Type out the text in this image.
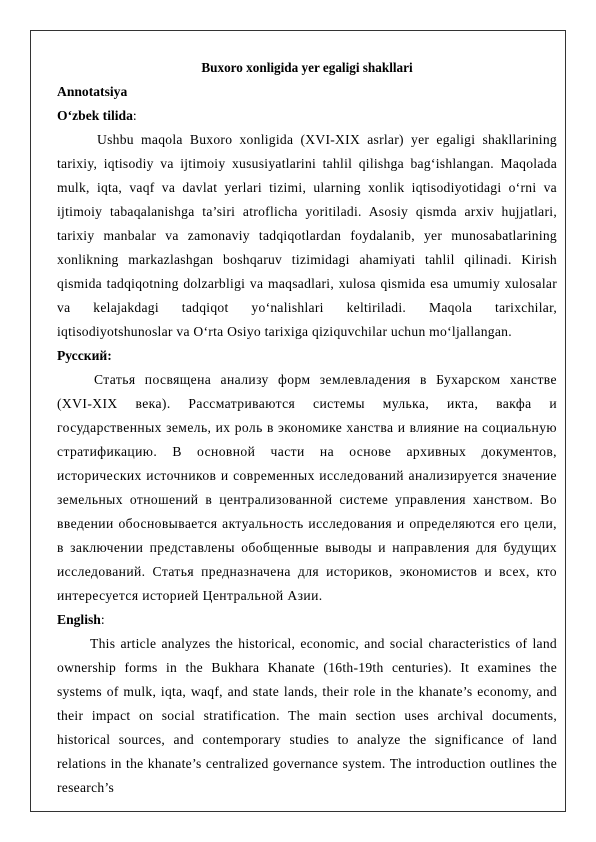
Buxoro xonligida yer egaligi shakllari

Annotatsiya

O‘zbek tilida:

Ushbu maqola Buxoro xonligida (XVI-XIX asrlar) yer egaligi shakllarining tarixiy, iqtisodiy va ijtimoiy xususiyatlarini tahlil qilishga bag‘ishlangan. Maqolada mulk, iqta, vaqf va davlat yerlari tizimi, ularning xonlik iqtisodiyotidagi o‘rni va ijtimoiy tabaqalanishga ta’siri atroflicha yoritiladi. Asosiy qismda arxiv hujjatlari, tarixiy manbalar va zamonaviy tadqiqotlardan foydalanib, yer munosabatlarining xonlikning markazlashgan boshqaruv tizimidagi ahamiyati tahlil qilinadi. Kirish qismida tadqiqotning dolzarbligi va maqsadlari, xulosa qismida esa umumiy xulosalar va kelajakdagi tadqiqot yo‘nalishlari keltiriladi. Maqola tarixchilar, iqtisodiyotshunoslar va O‘rta Osiyo tarixiga qiziquvchilar uchun mo‘ljallangan.

Русский:

Статья посвящена анализу форм землевладения в Бухарском ханстве (XVI-XIX века). Рассматриваются системы мулька, икта, вакфа и государственных земель, их роль в экономике ханства и влияние на социальную стратификацию. В основной части на основе архивных документов, исторических источников и современных исследований анализируется значение земельных отношений в централизованной системе управления ханством. Во введении обосновывается актуальность исследования и определяются его цели, в заключении представлены обобщенные выводы и направления для будущих исследований. Статья предназначена для историков, экономистов и всех, кто интересуется историей Центральной Азии.

English:

This article analyzes the historical, economic, and social characteristics of land ownership forms in the Bukhara Khanate (16th-19th centuries). It examines the systems of mulk, iqta, waqf, and state lands, their role in the khanate’s economy, and their impact on social stratification. The main section uses archival documents, historical sources, and contemporary studies to analyze the significance of land relations in the khanate’s centralized governance system. The introduction outlines the research’s
